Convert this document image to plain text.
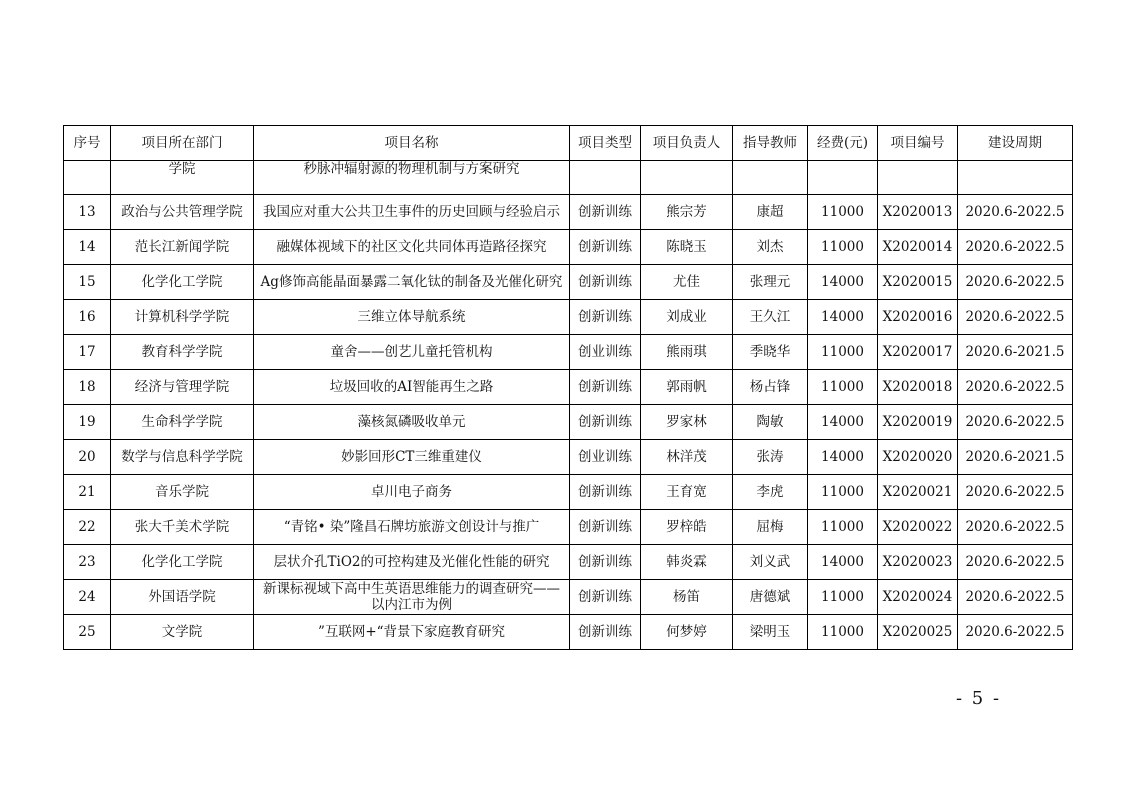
序号	项目所在部门	项目名称	项目类型	项目负责人	指导教师	经费(元)	项目编号	建设周期
	学院	秒脉冲辐射源的物理机制与方案研究						
13	政治与公共管理学院	我国应对重大公共卫生事件的历史回顾与经验启示	创新训练	熊宗芳	康超	11000	X2020013	2020.6-2022.5
14	范长江新闻学院	融媒体视域下的社区文化共同体再造路径探究	创新训练	陈晓玉	刘杰	11000	X2020014	2020.6-2022.5
15	化学化工学院	Ag修饰高能晶面暴露二氧化钛的制备及光催化研究	创新训练	尤佳	张理元	14000	X2020015	2020.6-2022.5
16	计算机科学学院	三维立体导航系统	创新训练	刘成业	王久江	14000	X2020016	2020.6-2022.5
17	教育科学学院	童舍——创艺儿童托管机构	创业训练	熊雨琪	季晓华	11000	X2020017	2020.6-2021.5
18	经济与管理学院	垃圾回收的AI智能再生之路	创新训练	郭雨帆	杨占锋	11000	X2020018	2020.6-2022.5
19	生命科学学院	藻核氮磷吸收单元	创新训练	罗家林	陶敏	14000	X2020019	2020.6-2022.5
20	数学与信息科学学院	妙影回形CT三维重建仪	创业训练	林洋茂	张涛	14000	X2020020	2020.6-2021.5
21	音乐学院	卓川电子商务	创新训练	王育宽	李虎	11000	X2020021	2020.6-2022.5
22	张大千美术学院	“青铭• 染”隆昌石牌坊旅游文创设计与推广	创新训练	罗梓皓	屈梅	11000	X2020022	2020.6-2022.5
23	化学化工学院	层状介孔TiO2的可控构建及光催化性能的研究	创新训练	韩炎霖	刘义武	14000	X2020023	2020.6-2022.5
24	外国语学院	新课标视域下高中生英语思维能力的调查研究——以内江市为例	创新训练	杨笛	唐德斌	11000	X2020024	2020.6-2022.5
25	文学院	”互联网+“背景下家庭教育研究	创新训练	何梦婷	梁明玉	11000	X2020025	2020.6-2022.5
- 5 -
